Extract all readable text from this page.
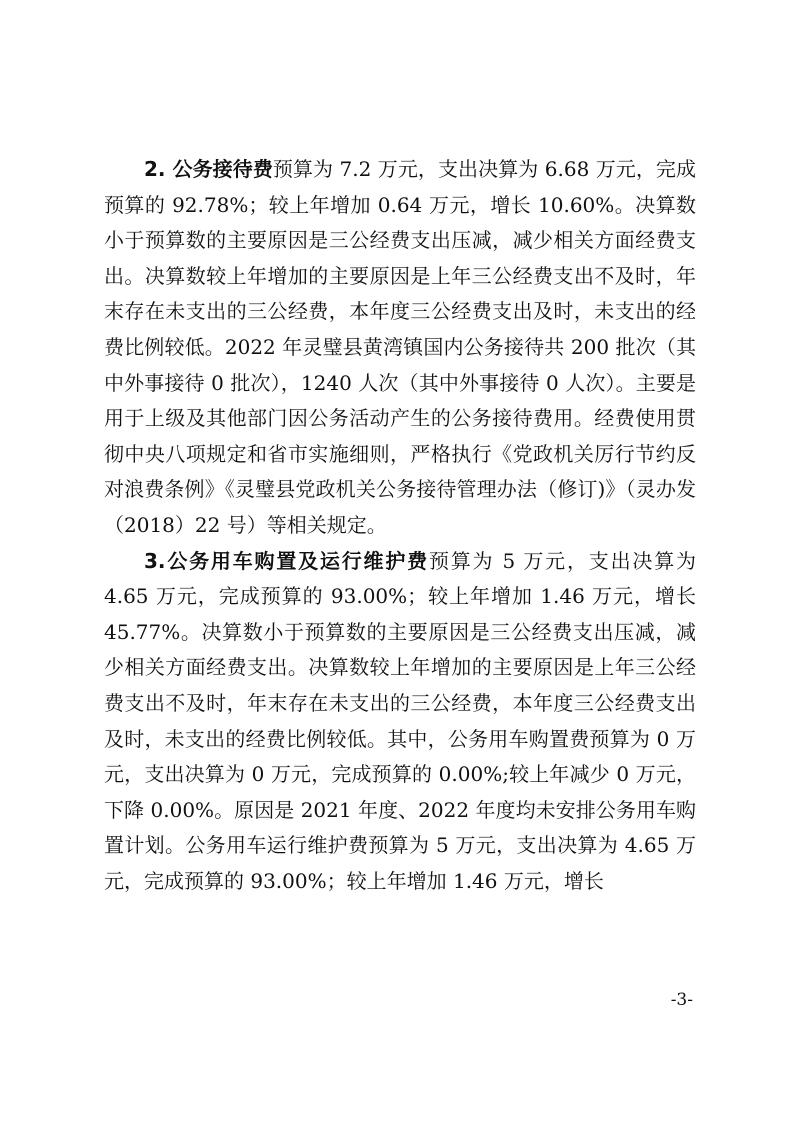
2. 公务接待费预算为 7.2 万元，支出决算为 6.68 万元，完成预算的 92.78%；较上年增加 0.64 万元，增长 10.60%。决算数小于预算数的主要原因是三公经费支出压减，减少相关方面经费支出。决算数较上年增加的主要原因是上年三公经费支出不及时，年末存在未支出的三公经费，本年度三公经费支出及时，未支出的经费比例较低。2022 年灵璧县黄湾镇国内公务接待共 200 批次（其中外事接待 0 批次），1240 人次（其中外事接待 0 人次）。主要是用于上级及其他部门因公务活动产生的公务接待费用。经费使用贯彻中央八项规定和省市实施细则，严格执行《党政机关厉行节约反对浪费条例》《灵璧县党政机关公务接待管理办法（修订)》（灵办发（2018）22 号）等相关规定。

3.公务用车购置及运行维护费预算为 5 万元，支出决算为 4.65 万元，完成预算的 93.00%；较上年增加 1.46 万元，增长 45.77%。决算数小于预算数的主要原因是三公经费支出压减，减少相关方面经费支出。决算数较上年增加的主要原因是上年三公经费支出不及时，年末存在未支出的三公经费，本年度三公经费支出及时，未支出的经费比例较低。其中，公务用车购置费预算为 0 万元，支出决算为 0 万元，完成预算的 0.00%;较上年减少 0 万元，下降 0.00%。原因是 2021 年度、2022 年度均未安排公务用车购置计划。公务用车运行维护费预算为 5 万元，支出决算为 4.65 万元，完成预算的 93.00%；较上年增加 1.46 万元，增长

-3-
